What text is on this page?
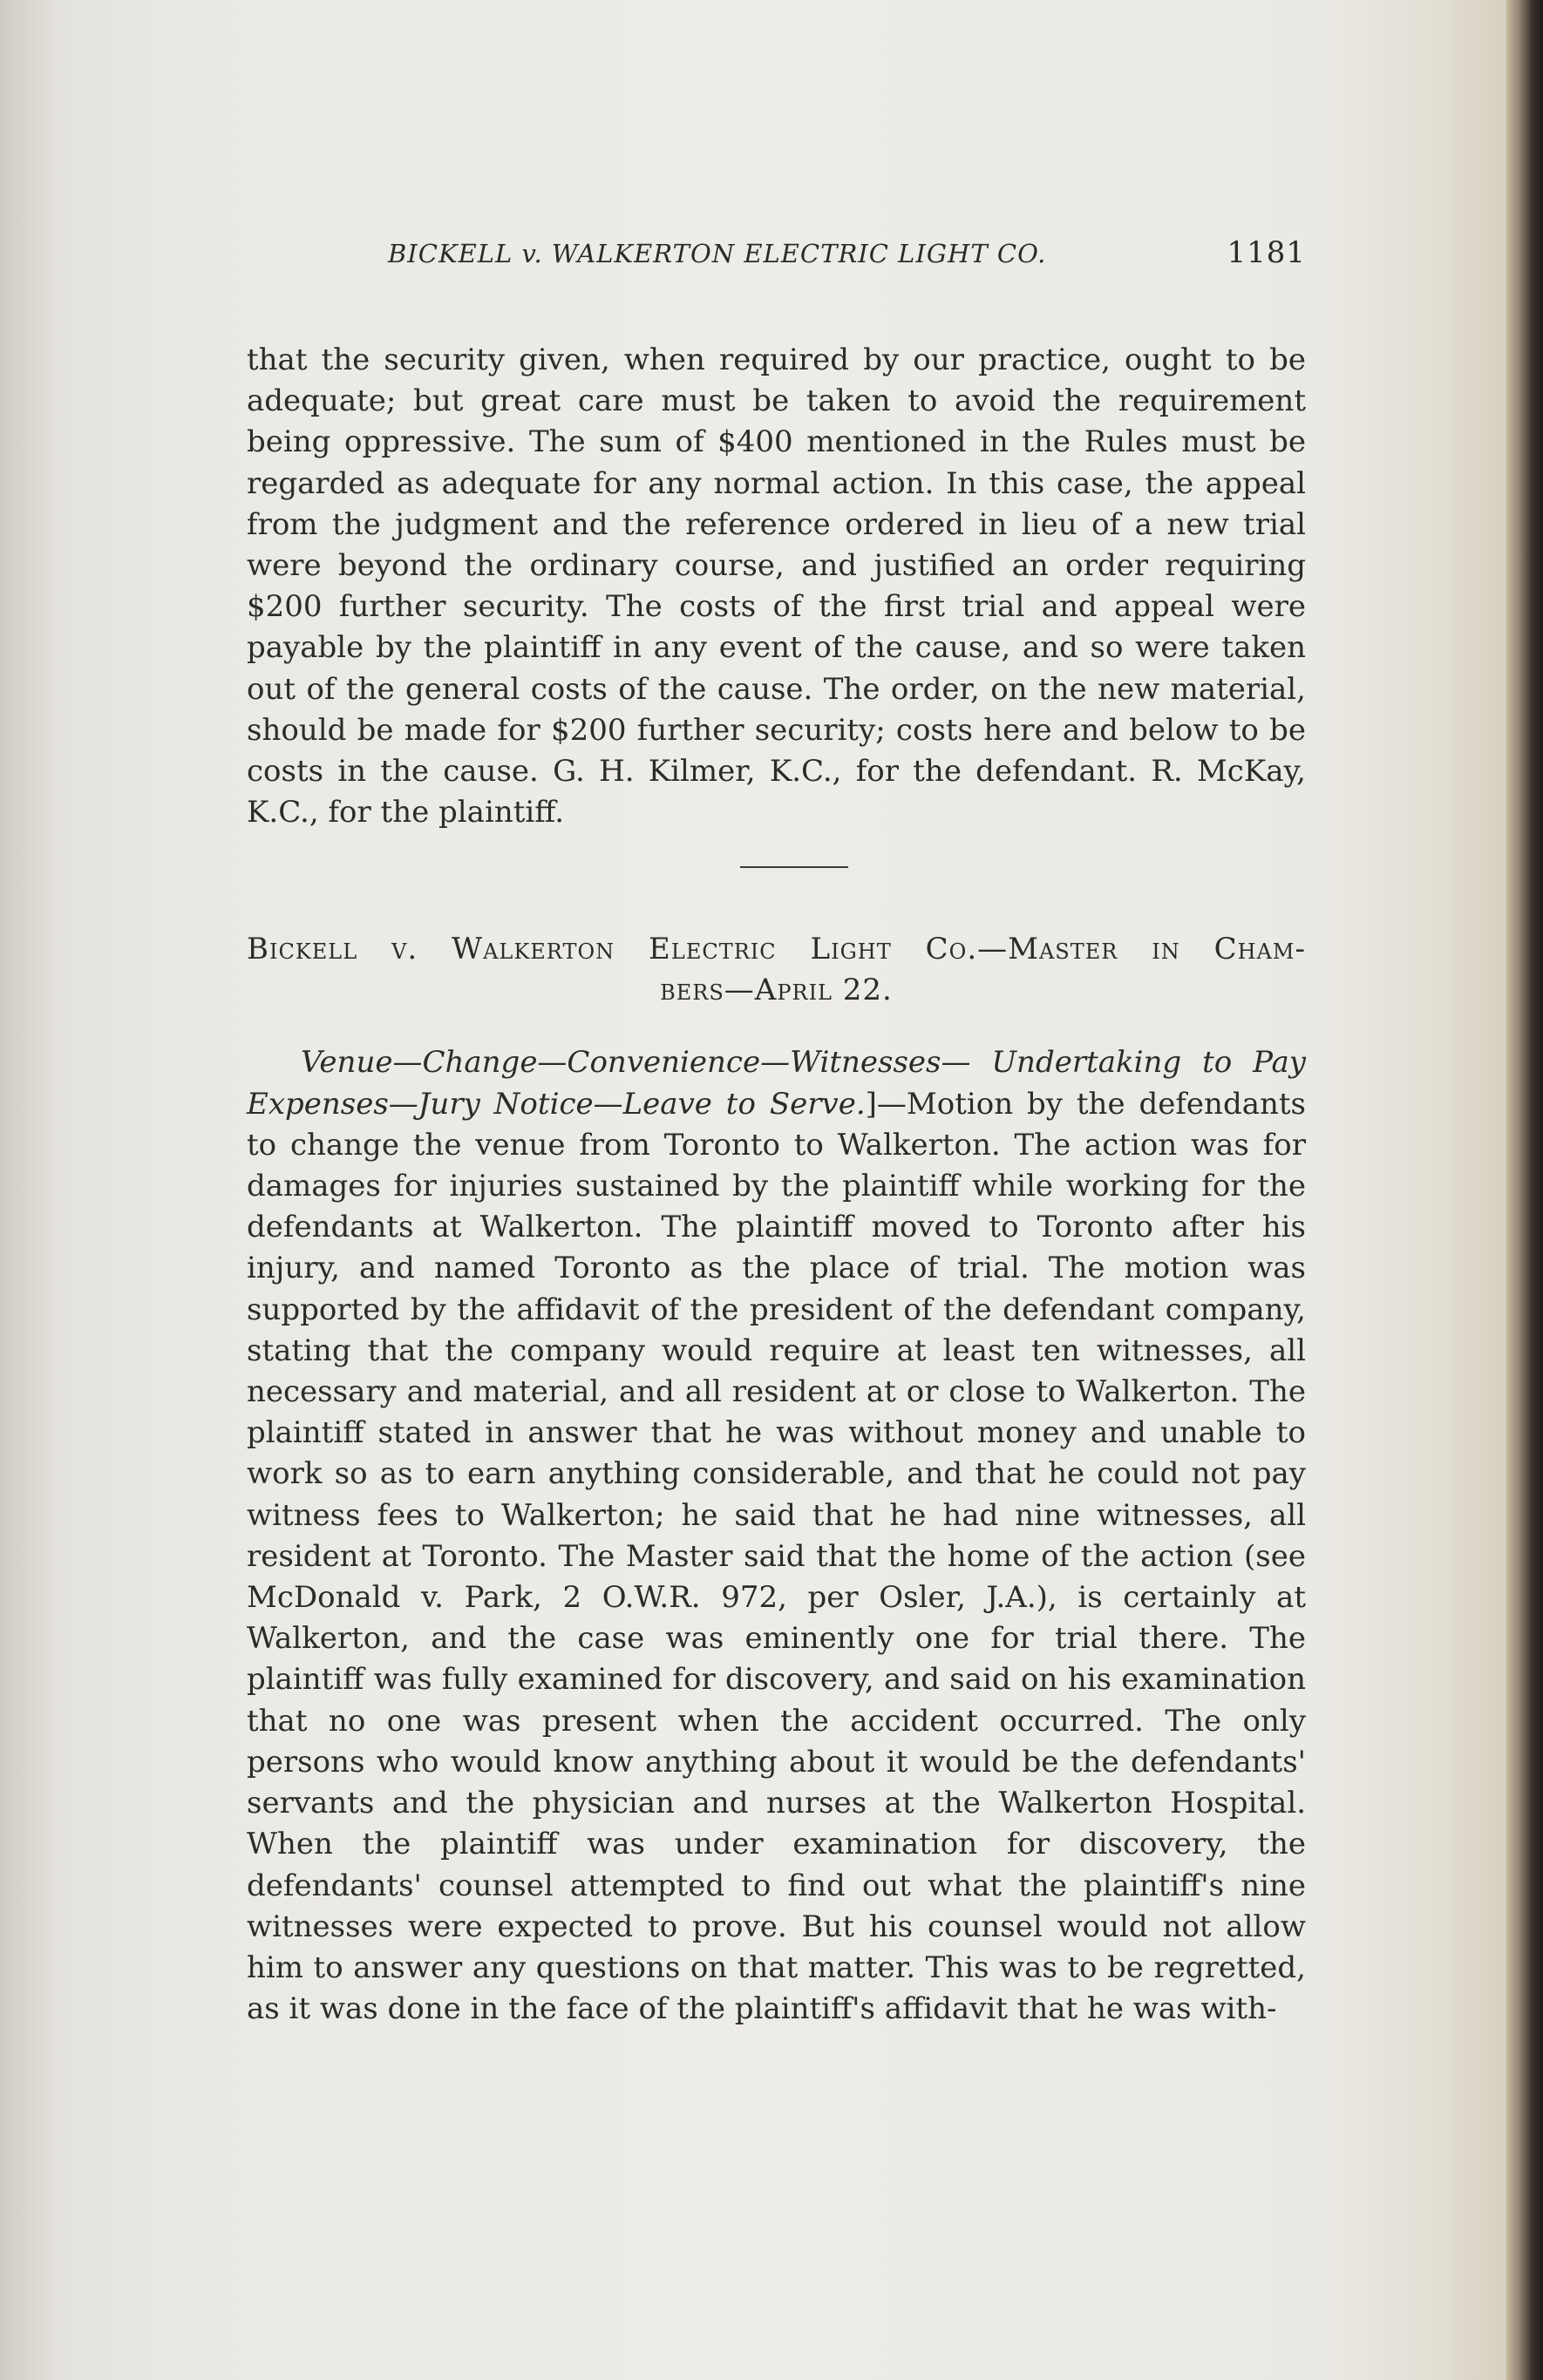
BICKELL v. WALKERTON ELECTRIC LIGHT CO.	1181

that the security given, when required by our practice, ought to be adequate; but great care must be taken to avoid the requirement being oppressive. The sum of $400 mentioned in the Rules must be regarded as adequate for any normal action. In this case, the appeal from the judgment and the reference ordered in lieu of a new trial were beyond the ordinary course, and justified an order requiring $200 further security. The costs of the first trial and appeal were payable by the plaintiff in any event of the cause, and so were taken out of the general costs of the cause. The order, on the new material, should be made for $200 further security; costs here and below to be costs in the cause. G. H. Kilmer, K.C., for the defendant. R. McKay, K.C., for the plaintiff.

Bickell v. Walkerton Electric Light Co.—Master in Cham-
bers—April 22.

Venue—Change—Convenience—Witnesses— Undertaking to Pay Expenses—Jury Notice—Leave to Serve.]—Motion by the defendants to change the venue from Toronto to Walkerton. The action was for damages for injuries sustained by the plaintiff while working for the defendants at Walkerton. The plaintiff moved to Toronto after his injury, and named Toronto as the place of trial. The motion was supported by the affidavit of the president of the defendant company, stating that the company would require at least ten witnesses, all necessary and material, and all resident at or close to Walkerton. The plaintiff stated in answer that he was without money and unable to work so as to earn anything considerable, and that he could not pay witness fees to Walkerton; he said that he had nine witnesses, all resident at Toronto. The Master said that the home of the action (see McDonald v. Park, 2 O.W.R. 972, per Osler, J.A.), is certainly at Walkerton, and the case was eminently one for trial there. The plaintiff was fully examined for discovery, and said on his examination that no one was present when the accident occurred. The only persons who would know anything about it would be the defendants' servants and the physician and nurses at the Walkerton Hospital. When the plaintiff was under examination for discovery, the defendants' counsel attempted to find out what the plaintiff's nine witnesses were expected to prove. But his counsel would not allow him to answer any questions on that matter. This was to be regretted, as it was done in the face of the plaintiff's affidavit that he was with-
